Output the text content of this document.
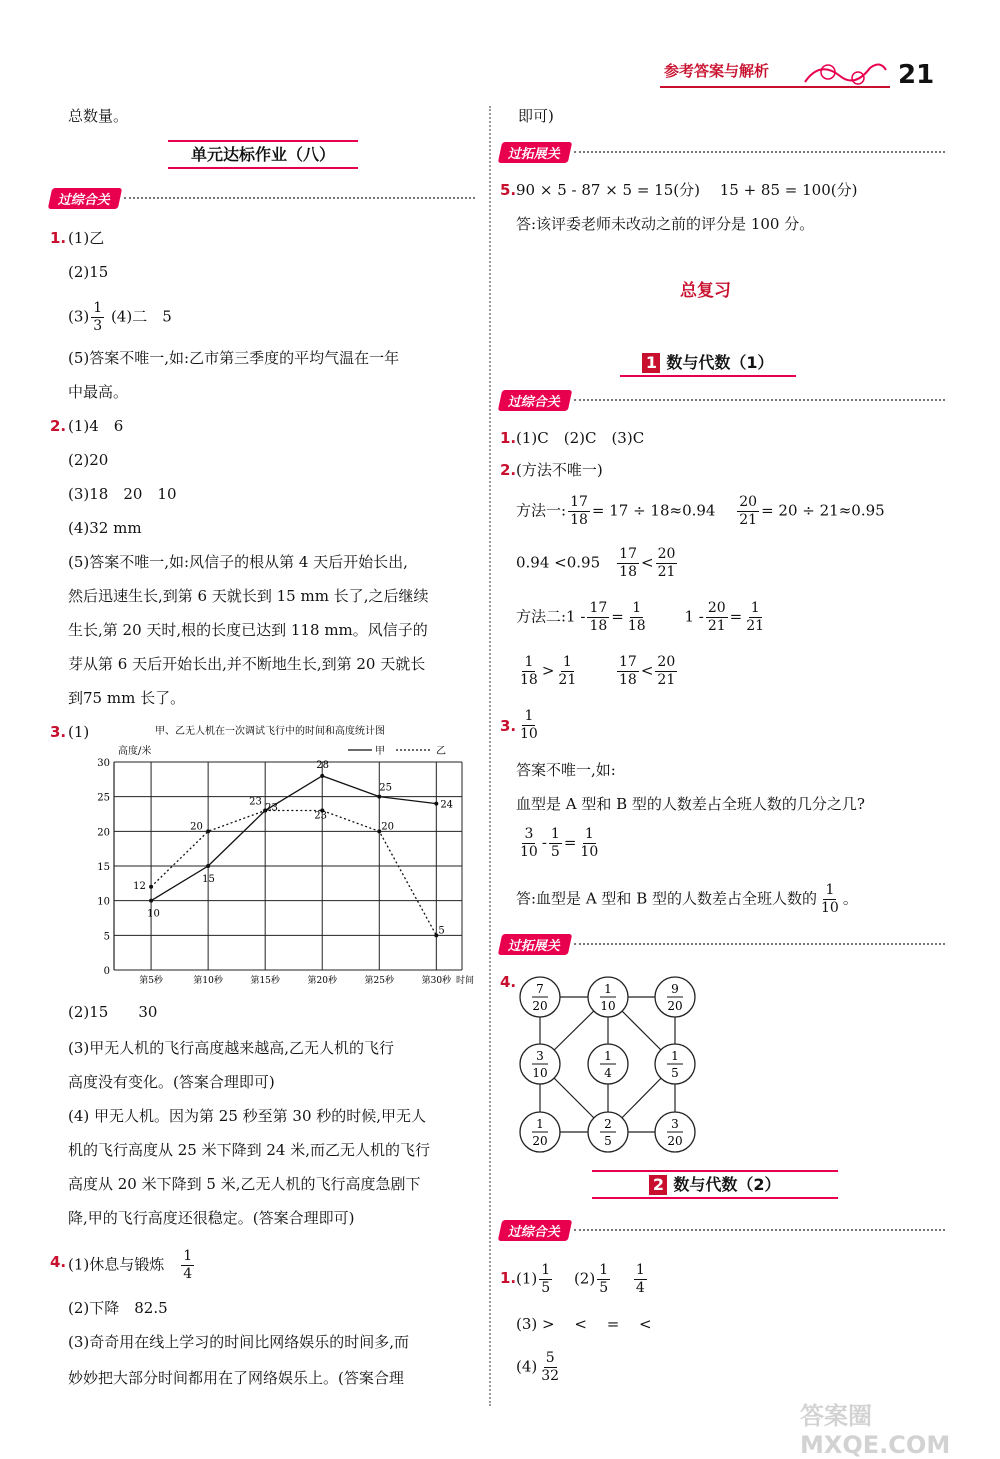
参考答案与解析	21
总数量。
单元达标作业（八）
过综合关
1. (1)乙
(2)15
$(3) \frac{1}{3} (4)$二　5
(5)答案不唯一,如:乙市第三季度的平均气温在一年
中最高。
2. (1)4　6
(2)20
(3)18　20　10
(4)32 mm
(5)答案不唯一,如:风信子的根从第 4 天后开始长出,
然后迅速生长,到第 6 天就长到 15 mm 长了,之后继续
生长,第 20 天时,根的长度已达到 118 mm。风信子的
芽从第 6 天后开始长出,并不断地生长,到第 20 天就长
到75 mm 长了。
3. (1)	甲、乙无人机在一次调试飞行中的时间和高度统计图
高度/米
0
5
10
15
20
25
30
第5秒	第10秒	第15秒	第20秒	第25秒	第30秒 时间
甲	乙
10
15
23
28
25
24
12
20
23
23
20
5
(2)15　　30
(3)甲无人机的飞行高度越来越高,乙无人机的飞行
高度没有变化。(答案合理即可)
(4) 甲无人机。因为第 25 秒至第 30 秒的时候,甲无人
机的飞行高度从 25 米下降到 24 米,而乙无人机的飞行
高度从 20 米下降到 5 米,乙无人机的飞行高度急剧下
降,甲的飞行高度还很稳定。(答案合理即可)
4. (1)休息与锻炼　 $\frac{1}{4}$
(2)下降　82.5
(3)奇奇用在线上学习的时间比网络娱乐的时间多,而
妙妙把大部分时间都用在了网络娱乐上。(答案合理
即可)
过拓展关
5. 90 × 5 - 87 × 5 = 15(分)　 15 + 85 = 100(分)
答:该评委老师未改动之前的评分是 100 分。
总复习
1 数与代数（1）
过综合关
1. (1)C　(2)C　(3)C
2. (方法不唯一)
方法一: $\frac{17}{18} = 17 \div 18\approx 0.94$ 　 $\frac{20}{21} = 20 \div 21\approx 0.95$
0.94 <0.95　 $\frac{17}{18} < \frac{20}{21}$
方法二:1 - $\frac{17}{18} = \frac{1}{18}$
　　 $1 - \frac{20}{21} = \frac{1}{21}$
$\frac{1}{18} > \frac{1}{21}$
　　	$\frac{17}{18} < \frac{20}{21}$
3. $\frac{1}{10}$
答案不唯一,如:
血型是 A 型和 B 型的人数差占全班人数的几分之几?
$\frac{3}{10} - \frac{1}{5} = \frac{1}{10}$
答:血型是 A 型和 B 型的人数差占全班人数的 $\frac{1}{10}$ 。
过拓展关
4. 7
20
1
10
9
20
3
10
1
4
1
5
1
20
2
5
3
20
2 数与代数（2）
过综合关
1. $(1) \frac{1}{5}$
　 $(2) \frac{1}{5}$
　 $\frac{1}{4}$
(3) >　 <　 =　 <
$(4) \frac{5}{32}$
答案圈 MXQE.COM
